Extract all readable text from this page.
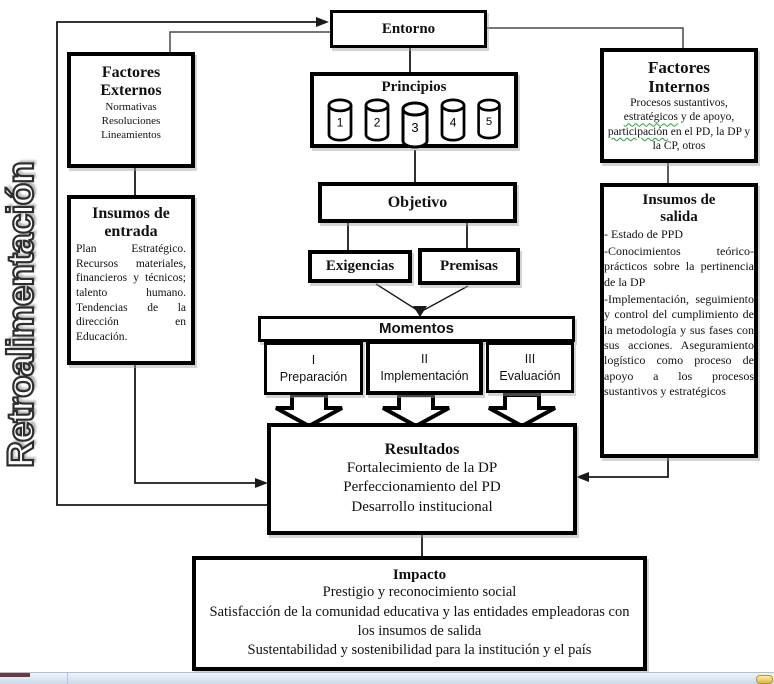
Retroalimentación
Entorno
Factores
Externos
Normativas
Resoluciones
Lineamientos
Principios
1 2 3 4 5
Factores
Internos
Procesos sustantivos, estratégicos y de apoyo, participación en el PD, la DP y la CP, otros
Objetivo
Insumos de
entrada
Plan Estratégico. Recursos materiales, financieros y técnicos; talento humano. Tendencias de la dirección en Educación.
Exigencias	Premisas
Insumos de
salida
- Estado de PPD
-Conocimientos teórico-prácticos sobre la pertinencia de la DP
-Implementación, seguimiento y control del cumplimiento de la metodología y sus fases con sus acciones. Aseguramiento logístico como proceso de apoyo a los procesos sustantivos y estratégicos
Momentos
I
Preparación
II
Implementación
III
Evaluación
Resultados
Fortalecimiento de la DP
Perfeccionamiento del PD
Desarrollo institucional
Impacto
Prestigio y reconocimiento social
Satisfacción de la comunidad educativa y las entidades empleadoras con los insumos de salida
Sustentabilidad y sostenibilidad para la institución y el país
